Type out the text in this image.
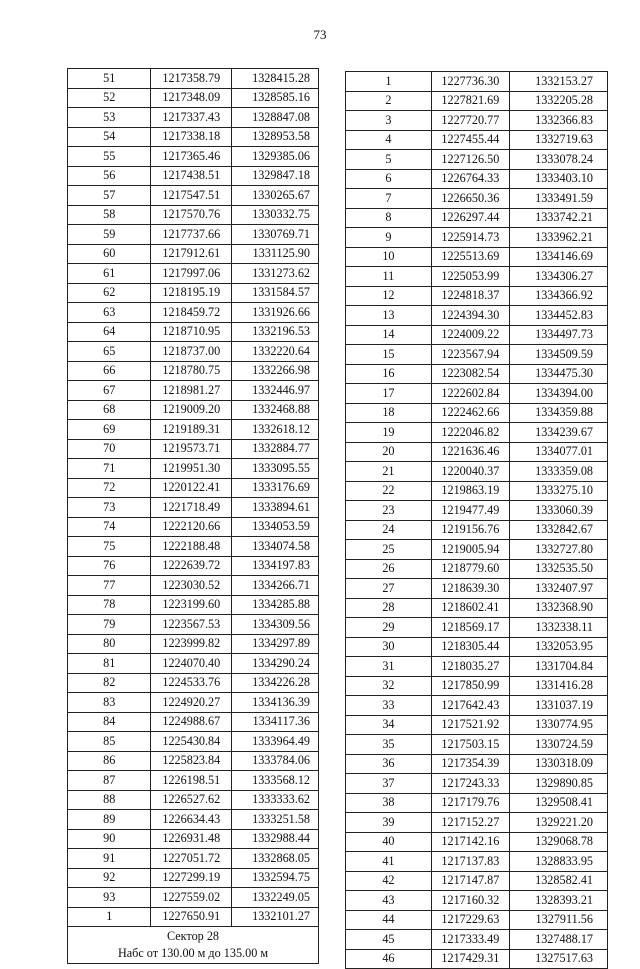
73
51	1217358.79	1328415.28
52	1217348.09	1328585.16
53	1217337.43	1328847.08
54	1217338.18	1328953.58
55	1217365.46	1329385.06
56	1217438.51	1329847.18
57	1217547.51	1330265.67
58	1217570.76	1330332.75
59	1217737.66	1330769.71
60	1217912.61	1331125.90
61	1217997.06	1331273.62
62	1218195.19	1331584.57
63	1218459.72	1331926.66
64	1218710.95	1332196.53
65	1218737.00	1332220.64
66	1218780.75	1332266.98
67	1218981.27	1332446.97
68	1219009.20	1332468.88
69	1219189.31	1332618.12
70	1219573.71	1332884.77
71	1219951.30	1333095.55
72	1220122.41	1333176.69
73	1221718.49	1333894.61
74	1222120.66	1334053.59
75	1222188.48	1334074.58
76	1222639.72	1334197.83
77	1223030.52	1334266.71
78	1223199.60	1334285.88
79	1223567.53	1334309.56
80	1223999.82	1334297.89
81	1224070.40	1334290.24
82	1224533.76	1334226.28
83	1224920.27	1334136.39
84	1224988.67	1334117.36
85	1225430.84	1333964.49
86	1225823.84	1333784.06
87	1226198.51	1333568.12
88	1226527.62	1333333.62
89	1226634.43	1333251.58
90	1226931.48	1332988.44
91	1227051.72	1332868.05
92	1227299.19	1332594.75
93	1227559.02	1332249.05
1	1227650.91	1332101.27

Сектор 28
Набс от 130.00 м до 135.00 м		
1	1227736.30	1332153.27
2	1227821.69	1332205.28
3	1227720.77	1332366.83
4	1227455.44	1332719.63
5	1227126.50	1333078.24
6	1226764.33	1333403.10
7	1226650.36	1333491.59
8	1226297.44	1333742.21
9	1225914.73	1333962.21
10	1225513.69	1334146.69
11	1225053.99	1334306.27
12	1224818.37	1334366.92
13	1224394.30	1334452.83
14	1224009.22	1334497.73
15	1223567.94	1334509.59
16	1223082.54	1334475.30
17	1222602.84	1334394.00
18	1222462.66	1334359.88
19	1222046.82	1334239.67
20	1221636.46	1334077.01
21	1220040.37	1333359.08
22	1219863.19	1333275.10
23	1219477.49	1333060.39
24	1219156.76	1332842.67
25	1219005.94	1332727.80
26	1218779.60	1332535.50
27	1218639.30	1332407.97
28	1218602.41	1332368.90
29	1218569.17	1332338.11
30	1218305.44	1332053.95
31	1218035.27	1331704.84
32	1217850.99	1331416.28
33	1217642.43	1331037.19
34	1217521.92	1330774.95
35	1217503.15	1330724.59
36	1217354.39	1330318.09
37	1217243.33	1329890.85
38	1217179.76	1329508.41
39	1217152.27	1329221.20
40	1217142.16	1329068.78
41	1217137.83	1328833.95
42	1217147.87	1328582.41
43	1217160.32	1328393.21
44	1217229.63	1327911.56
45	1217333.49	1327488.17
46	1217429.31	1327517.63
